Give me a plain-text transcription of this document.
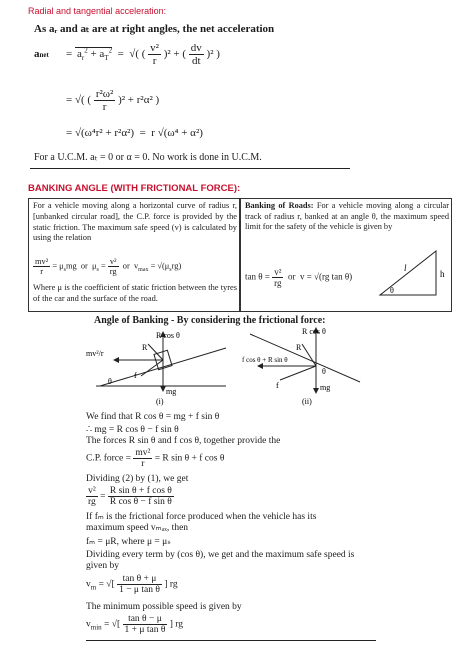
Radial and tangential acceleration:
As aᵣ and aₜ are at right angles, the net acceleration
anet = $a_r^2 + a_T^2$  =  √( ( $\frac{\text{v²}}{r} )^2$ + ( $\frac{dv}{dt} )^2$ )
= √( ( $\frac{\text{r²ω²}}{r} )^2 + r^2\alpha^2$ )
= √(ω⁴r² + r²α²)  =  r √(ω⁴ + α²)
For a U.C.M. aₜ = 0 or α = 0. No work is done in U.C.M.
BANKING ANGLE (WITH FRICTIONAL FORCE):
For a vehicle moving along a horizontal curve of radius r, [unbanked circular road], the C.P. force is provided by the static friction. The maximum safe speed (v) is calculated by using the relation
$\frac{\text{mv²}}{r} = \mu_smg$  or  $\mu_s = \frac{\text{v²}}{rg}$ or  $v_{max} = √(\mu_srg)$
Where μ is the coefficient of static friction between the tyres of the car and the surface of the road.
Banking of Roads: For a vehicle moving along a circular track of radius r, banked at an angle θ, the maximum speed limit for the safety of the vehicle is given by
$\tan \theta = \frac{\text{v²}}{rg}$ or  v = √(rg tan θ)
l
h
θ
Angle of Banking - By considering the frictional force:
R cos θ
R
mv²/r
f
mg
θ
(i)
R cos θ
f cos θ + R sin θ
R
f	mg
θ
(ii)
We find that R cos θ = mg + f sin θ
∴ mg = R cos θ − f sin θ
The forces R sin θ and f cos θ, together provide the
C.P. force = $\frac{\text{mv²}}{r} = R$ sin θ + f cos θ
Dividing (2) by (1), we get
$\frac{\text{v²}}{rg} = \frac{\text{R sin θ + f cos θ}}{\text{R cos θ − f sin θ}}$
If fₘ is the frictional force produced when the vehicle has its maximum speed vₘₐₓ, then
fₘ = μR, where μ = μₛ
Dividing every term by (cos θ), we get and the maximum safe speed is given by
$v_m$ = √[ $\frac{\text{tan θ + μ}}{\text{1 − μ tan θ}}$ ] rg
The minimum possible speed is given by
$v_{min}$ = √[ $\frac{\text{tan θ − μ}}{\text{1 + μ tan θ}}$ ] rg
